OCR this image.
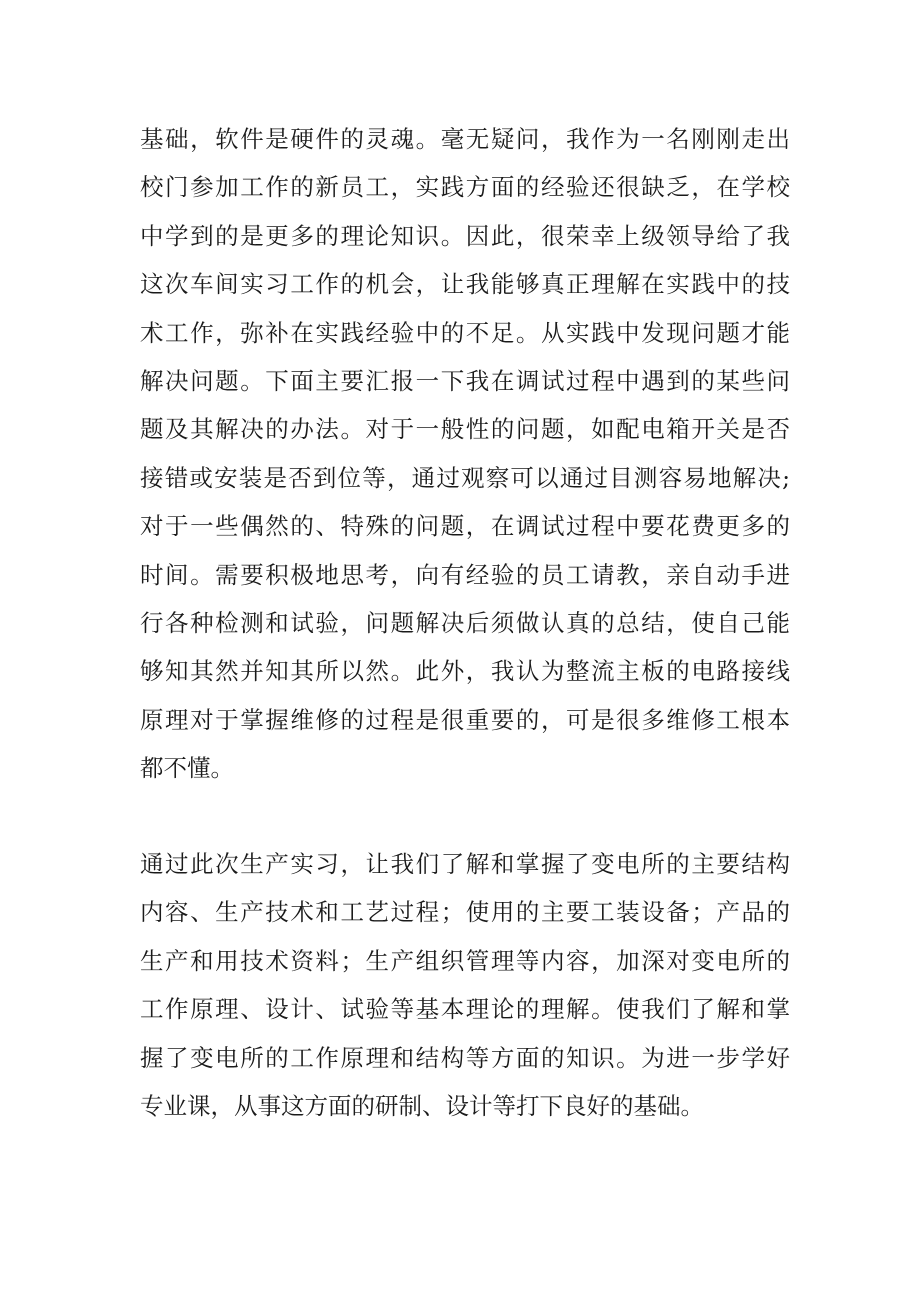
基础，软件是硬件的灵魂。毫无疑问，我作为一名刚刚走出
校门参加工作的新员工，实践方面的经验还很缺乏，在学校
中学到的是更多的理论知识。因此，很荣幸上级领导给了我
这次车间实习工作的机会，让我能够真正理解在实践中的技
术工作，弥补在实践经验中的不足。从实践中发现问题才能
解决问题。下面主要汇报一下我在调试过程中遇到的某些问
题及其解决的办法。对于一般性的问题，如配电箱开关是否
接错或安装是否到位等，通过观察可以通过目测容易地解决;
对于一些偶然的、特殊的问题，在调试过程中要花费更多的
时间。需要积极地思考，向有经验的员工请教，亲自动手进
行各种检测和试验，问题解决后须做认真的总结，使自己能
够知其然并知其所以然。此外，我认为整流主板的电路接线
原理对于掌握维修的过程是很重要的，可是很多维修工根本
都不懂。

通过此次生产实习，让我们了解和掌握了变电所的主要结构
内容、生产技术和工艺过程；使用的主要工装设备；产品的
生产和用技术资料；生产组织管理等内容，加深对变电所的
工作原理、设计、试验等基本理论的理解。使我们了解和掌
握了变电所的工作原理和结构等方面的知识。为进一步学好
专业课，从事这方面的研制、设计等打下良好的基础。
